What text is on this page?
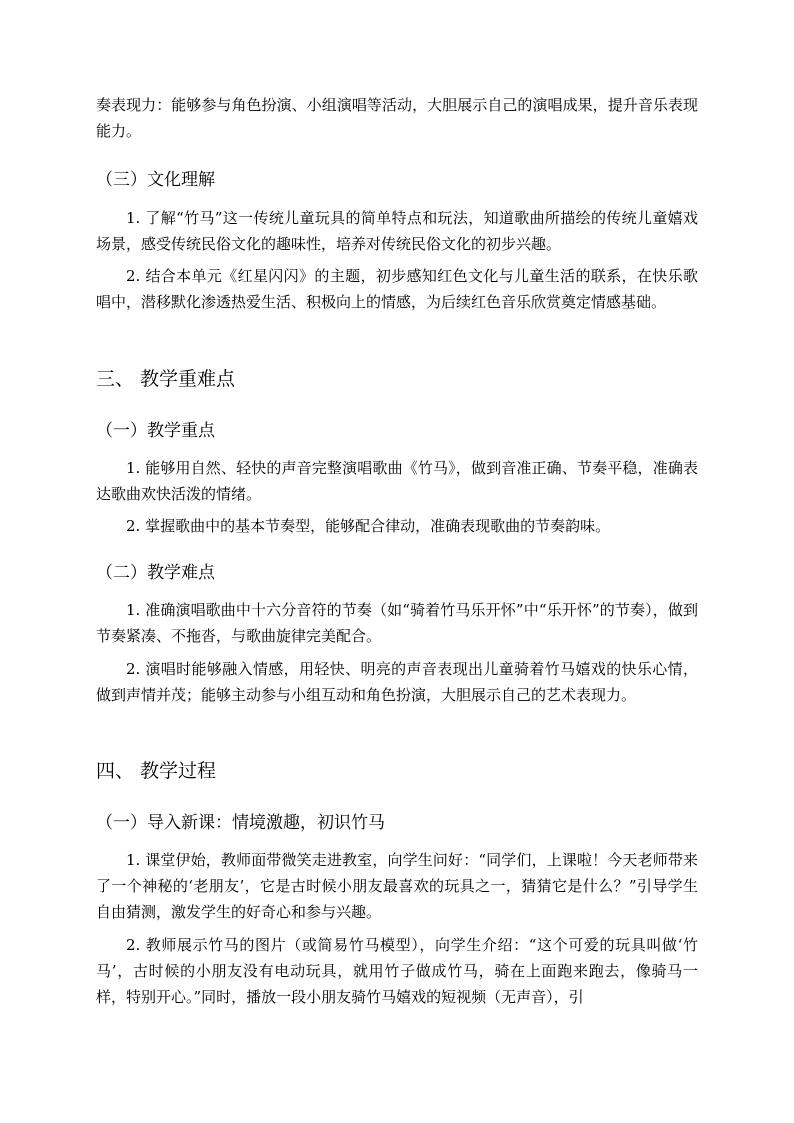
奏表现力：能够参与角色扮演、小组演唱等活动，大胆展示自己的演唱成果，提升音乐表现能力。

（三）文化理解

1. 了解“竹马”这一传统儿童玩具的简单特点和玩法，知道歌曲所描绘的传统儿童嬉戏场景，感受传统民俗文化的趣味性，培养对传统民俗文化的初步兴趣。

2. 结合本单元《红星闪闪》的主题，初步感知红色文化与儿童生活的联系，在快乐歌唱中，潜移默化渗透热爱生活、积极向上的情感，为后续红色音乐欣赏奠定情感基础。

三、 教学重难点
（一）教学重点

1. 能够用自然、轻快的声音完整演唱歌曲《竹马》，做到音准正确、节奏平稳，准确表达歌曲欢快活泼的情绪。

2. 掌握歌曲中的基本节奏型，能够配合律动，准确表现歌曲的节奏韵味。

（二）教学难点

1. 准确演唱歌曲中十六分音符的节奏（如“骑着竹马乐开怀”中“乐开怀”的节奏），做到节奏紧凑、不拖沓，与歌曲旋律完美配合。

2. 演唱时能够融入情感，用轻快、明亮的声音表现出儿童骑着竹马嬉戏的快乐心情，做到声情并茂；能够主动参与小组互动和角色扮演，大胆展示自己的艺术表现力。

四、 教学过程
（一）导入新课：情境激趣，初识竹马

1. 课堂伊始，教师面带微笑走进教室，向学生问好：“同学们，上课啦！今天老师带来了一个神秘的‘老朋友’，它是古时候小朋友最喜欢的玩具之一，猜猜它是什么？”引导学生自由猜测，激发学生的好奇心和参与兴趣。

2. 教师展示竹马的图片（或简易竹马模型），向学生介绍：“这个可爱的玩具叫做‘竹马’，古时候的小朋友没有电动玩具，就用竹子做成竹马，骑在上面跑来跑去，像骑马一样，特别开心。”同时，播放一段小朋友骑竹马嬉戏的短视频（无声音），引
